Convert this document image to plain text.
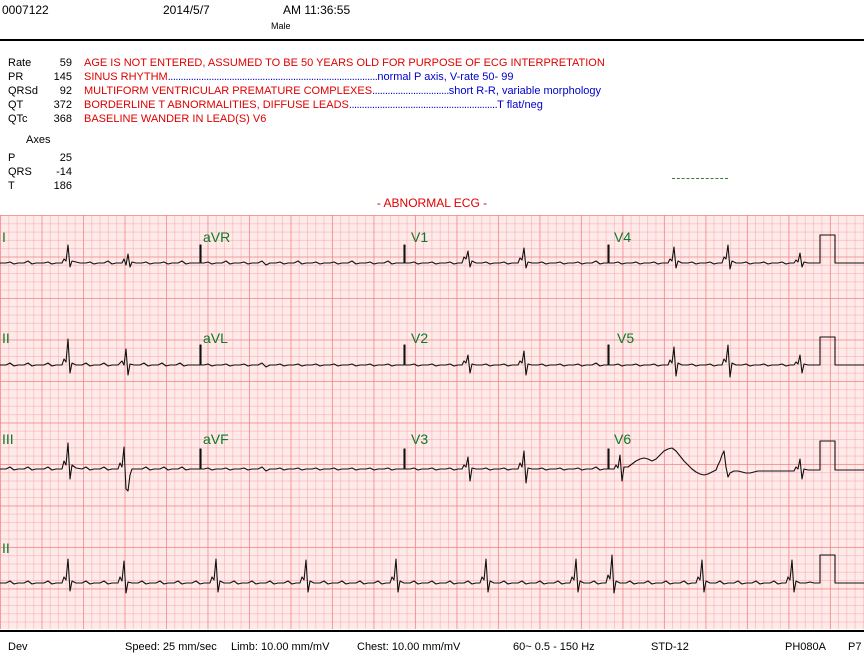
0007122	2014/5/7	AM 11:36:55
Male
Rate	59
PR	145
QRSd	92
QT	372
QTc	368
Axes
P	25
QRS	-14
T	186
AGE IS NOT ENTERED, ASSUMED TO BE 50 YEARS OLD FOR PURPOSE OF ECG INTERPRETATION
SINUS RHYTHM..................................................................................normal P axis, V-rate 50- 99
MULTIFORM VENTRICULAR PREMATURE COMPLEXES..............................short R-R, variable morphology
BORDERLINE T ABNORMALITIES, DIFFUSE LEADS..........................................................T flat/neg
BASELINE WANDER IN LEAD(S) V6
- ABNORMAL ECG -
I	aVR	V1	V4
II	aVL	V2	V5
III	aVF	V3	V6
II
Dev	Speed: 25 mm/sec Limb: 10.00 mm/mV	Chest: 10.00 mm/mV	60~ 0.5 - 150 Hz	STD-12	PH080A P7
